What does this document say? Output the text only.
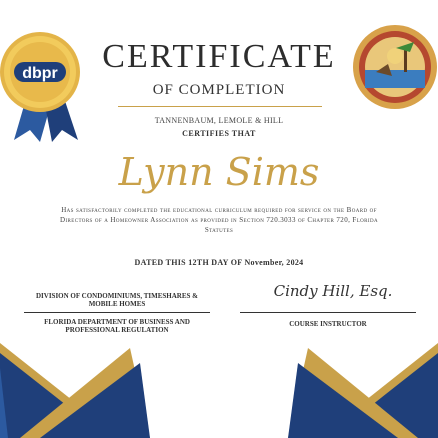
dbpr	CERTIFICATE
OF COMPLETION
TANNENBAUM, LEMOLE & HILL
CERTIFIES THAT
Lynn Sims
Has satisfactorily completed the educational curriculum required for service on the Board of Directors of a Homeowner Association as provided in Section 720.3033 of Chapter 720, Florida Statutes
DATED THIS 12TH DAY OF November, 2024
DIVISION OF CONDOMINIUMS, TIMESHARES & MOBILE HOMES
FLORIDA DEPARTMENT OF BUSINESS AND PROFESSIONAL REGULATION
Cindy Hill, Esq.
COURSE INSTRUCTOR
